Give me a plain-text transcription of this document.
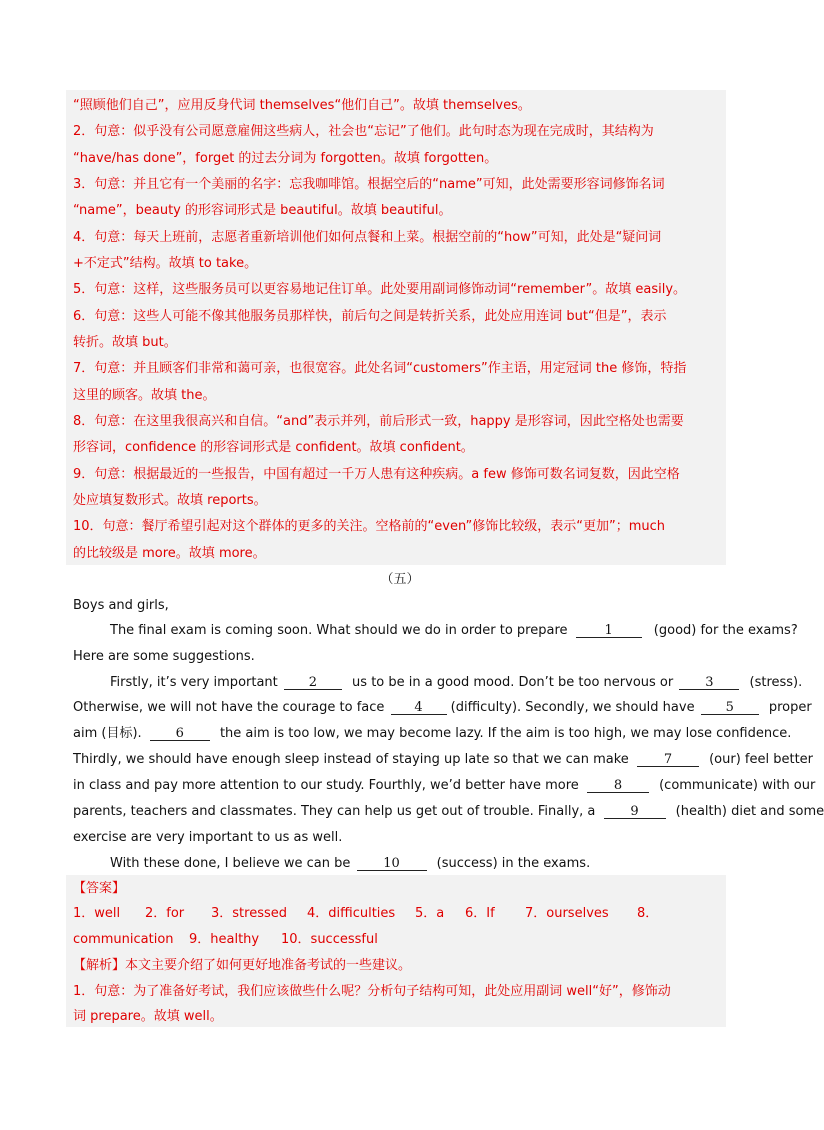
“照顾他们自己”，应用反身代词 themselves“他们自己”。故填 themselves。
2．句意：似乎没有公司愿意雇佣这些病人，社会也“忘记”了他们。此句时态为现在完成时，其结构为
“have/has done”，forget 的过去分词为 forgotten。故填 forgotten。
3．句意：并且它有一个美丽的名字：忘我咖啡馆。根据空后的“name”可知，此处需要形容词修饰名词
“name”，beauty 的形容词形式是 beautiful。故填 beautiful。
4．句意：每天上班前，志愿者重新培训他们如何点餐和上菜。根据空前的“how”可知，此处是“疑问词
+不定式”结构。故填 to take。
5．句意：这样，这些服务员可以更容易地记住订单。此处要用副词修饰动词“remember”。故填 easily。
6．句意：这些人可能不像其他服务员那样快，前后句之间是转折关系，此处应用连词 but“但是”，表示
转折。故填 but。
7．句意：并且顾客们非常和蔼可亲，也很宽容。此处名词“customers”作主语，用定冠词 the 修饰，特指
这里的顾客。故填 the。
8．句意：在这里我很高兴和自信。“and”表示并列，前后形式一致，happy 是形容词，因此空格处也需要
形容词，confidence 的形容词形式是 confident。故填 confident。
9．句意：根据最近的一些报告，中国有超过一千万人患有这种疾病。a few 修饰可数名词复数，因此空格
处应填复数形式。故填 reports。
10．句意：餐厅希望引起对这个群体的更多的关注。空格前的“even”修饰比较级，表示“更加”；much
的比较级是 more。故填 more。
（五）
Boys and girls,
The final exam is coming soon. What should we do in order to prepare	1	(good) for the exams?
Here are some suggestions.
Firstly, it’s very important 2	us to be in a good mood. Don’t be too nervous or 3	(stress).
Otherwise, we will not have the courage to face 4 (difficulty). Secondly, we should have 5	proper
aim (目标).	6	the aim is too low, we may become lazy. If the aim is too high, we may lose confidence.
Thirdly, we should have enough sleep instead of staying up late so that we can make	7	(our) feel better
in class and pay more attention to our study. Fourthly, we’d better have more	8	(communicate) with our
parents, teachers and classmates. They can help us get out of trouble. Finally, a	9	(health) diet and some
exercise are very important to us as well.
With these done, I believe we can be	10	(success) in the exams.
【答案】
1．well 2．for 3．stressed 4．difficulties 5．a 6．If 7．ourselves 8．
communication 9．healthy 10．successful
【解析】本文主要介绍了如何更好地准备考试的一些建议。
1．句意：为了准备好考试，我们应该做些什么呢？分析句子结构可知，此处应用副词 well“好”，修饰动
词 prepare。故填 well。
